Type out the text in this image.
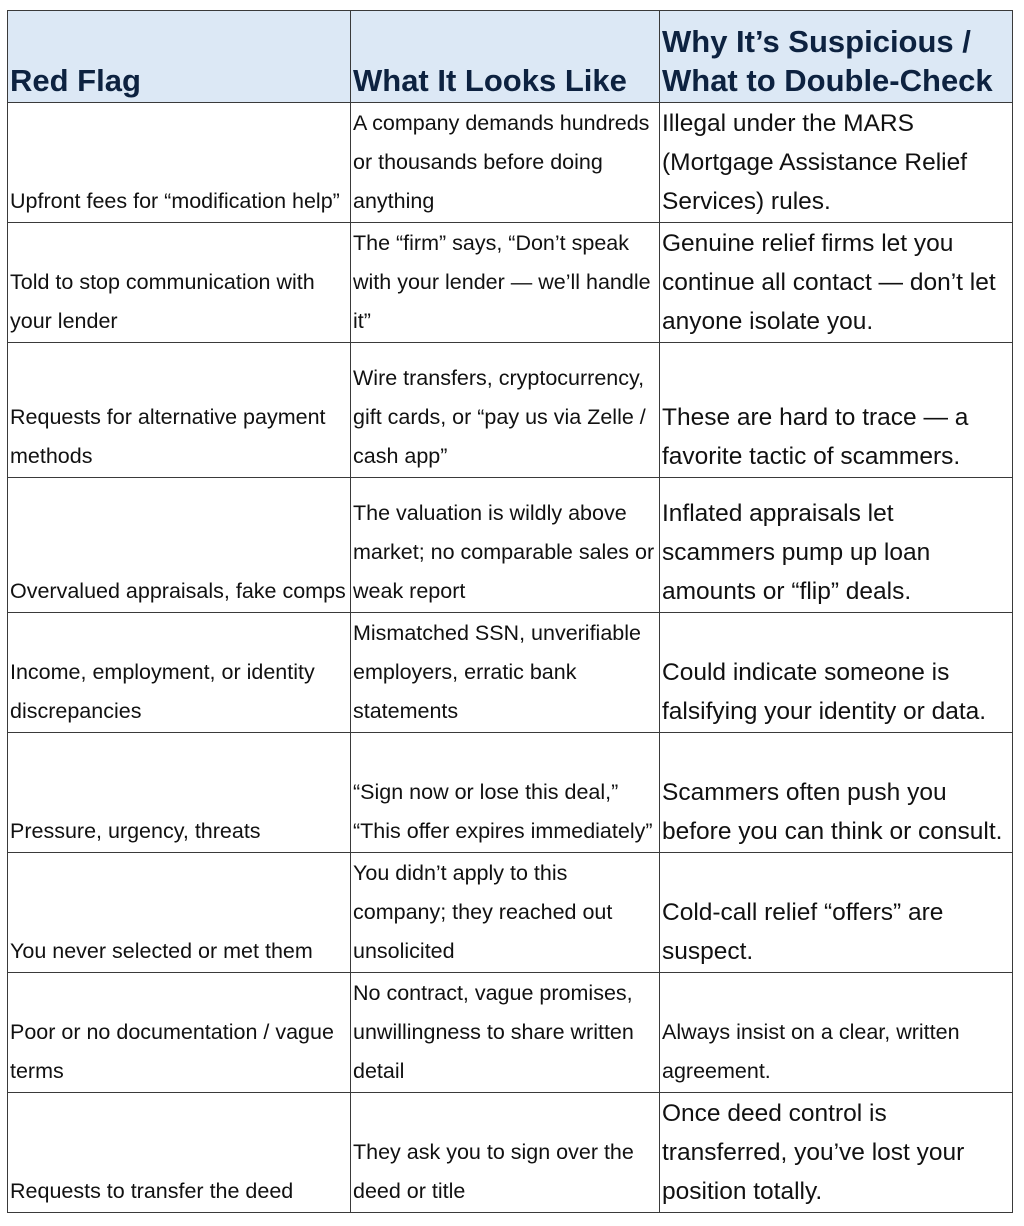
Red Flag	What It Looks Like	Why It’s Suspicious / What to Double-Check
Upfront fees for “modification help”	A company demands hundreds or thousands before doing anything	Illegal under the MARS (Mortgage Assistance Relief Services) rules.
Told to stop communication with your lender	The “firm” says, “Don’t speak with your lender — we’ll handle it”	Genuine relief firms let you continue all contact — don’t let anyone isolate you.
Requests for alternative payment methods	Wire transfers, cryptocurrency, gift cards, or “pay us via Zelle / cash app”	These are hard to trace — a favorite tactic of scammers.
Overvalued appraisals, fake comps	The valuation is wildly above market; no comparable sales or weak report	Inflated appraisals let scammers pump up loan amounts or “flip” deals.
Income, employment, or identity discrepancies	Mismatched SSN, unverifiable employers, erratic bank statements	Could indicate someone is falsifying your identity or data.
Pressure, urgency, threats	“Sign now or lose this deal,” “This offer expires immediately”	Scammers often push you before you can think or consult.
You never selected or met them	You didn’t apply to this company; they reached out unsolicited	Cold-call relief “offers” are suspect.
Poor or no documentation / vague terms	No contract, vague promises, unwillingness to share written detail	Always insist on a clear, written agreement.
Requests to transfer the deed	They ask you to sign over the deed or title	Once deed control is transferred, you’ve lost your position totally.
